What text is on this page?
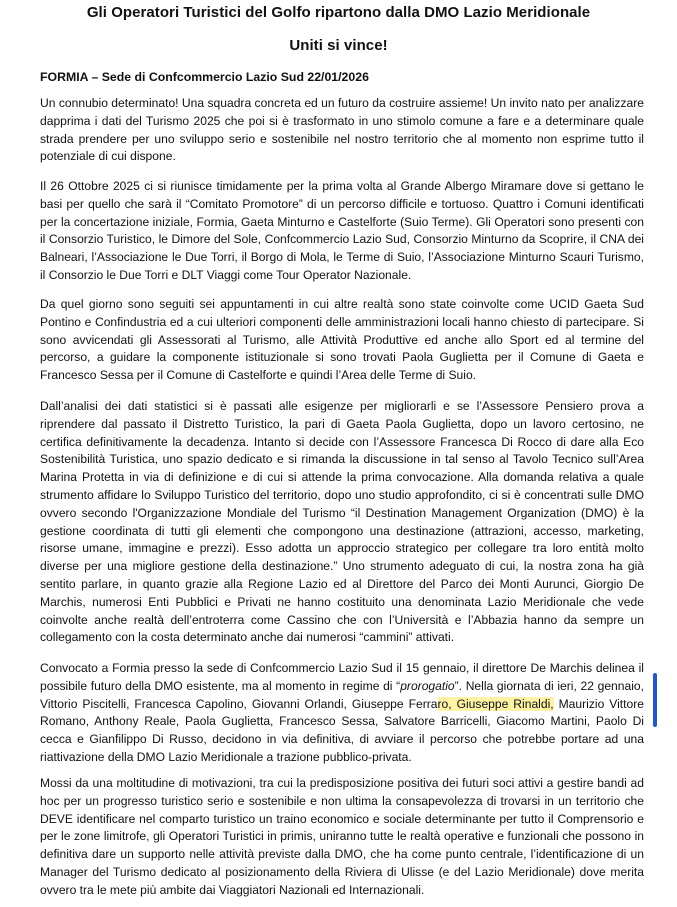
Gli Operatori Turistici del Golfo ripartono dalla DMO Lazio Meridionale
Uniti si vince!
FORMIA – Sede di Confcommercio Lazio Sud 22/01/2026
Un connubio determinato! Una squadra concreta ed un futuro da costruire assieme! Un invito nato per analizzare dapprima i dati del Turismo 2025 che poi si è trasformato in uno stimolo comune a fare e a determinare quale strada prendere per uno sviluppo serio e sostenibile nel nostro territorio che al momento non esprime tutto il potenziale di cui dispone.
Il 26 Ottobre 2025 ci si riunisce timidamente per la prima volta al Grande Albergo Miramare dove si gettano le basi per quello che sarà il “Comitato Promotore” di un percorso difficile e tortuoso. Quattro i Comuni identificati per la concertazione iniziale, Formia, Gaeta Minturno e Castelforte (Suio Terme). Gli Operatori sono presenti con il Consorzio Turistico, le Dimore del Sole, Confcommercio Lazio Sud, Consorzio Minturno da Scoprire, il CNA dei Balneari, l’Associazione le Due Torri, il Borgo di Mola, le Terme di Suio, l’Associazione Minturno Scauri Turismo, il Consorzio le Due Torri e DLT Viaggi come Tour Operator Nazionale.
Da quel giorno sono seguiti sei appuntamenti in cui altre realtà sono state coinvolte come UCID Gaeta Sud Pontino e Confindustria ed a cui ulteriori componenti delle amministrazioni locali hanno chiesto di partecipare. Si sono avvicendati gli Assessorati al Turismo, alle Attività Produttive ed anche allo Sport ed al termine del percorso, a guidare la componente istituzionale si sono trovati Paola Guglietta per il Comune di Gaeta e Francesco Sessa per il Comune di Castelforte e quindi l’Area delle Terme di Suio.
Dall’analisi dei dati statistici si è passati alle esigenze per migliorarli e se l’Assessore Pensiero prova a riprendere dal passato il Distretto Turistico, la pari di Gaeta Paola Guglietta, dopo un lavoro certosino, ne certifica definitivamente la decadenza. Intanto si decide con l’Assessore Francesca Di Rocco di dare alla Eco Sostenibilità Turistica, uno spazio dedicato e si rimanda la discussione in tal senso al Tavolo Tecnico sull’Area Marina Protetta in via di definizione e di cui si attende la prima convocazione. Alla domanda relativa a quale strumento affidare lo Sviluppo Turistico del territorio, dopo uno studio approfondito, ci si è concentrati sulle DMO ovvero secondo l'Organizzazione Mondiale del Turismo “il Destination Management Organization (DMO) è la gestione coordinata di tutti gli elementi che compongono una destinazione (attrazioni, accesso, marketing, risorse umane, immagine e prezzi). Esso adotta un approccio strategico per collegare tra loro entità molto diverse per una migliore gestione della destinazione.” Uno strumento adeguato di cui, la nostra zona ha già sentito parlare, in quanto grazie alla Regione Lazio ed al Direttore del Parco dei Monti Aurunci, Giorgio De Marchis, numerosi Enti Pubblici e Privati ne hanno costituito una denominata Lazio Meridionale che vede coinvolte anche realtà dell’entroterra come Cassino che con l’Università e l’Abbazia hanno da sempre un collegamento con la costa determinato anche dai numerosi “cammini” attivati.
Convocato a Formia presso la sede di Confcommercio Lazio Sud il 15 gennaio, il direttore De Marchis delinea il possibile futuro della DMO esistente, ma al momento in regime di “prorogatio”. Nella giornata di ieri, 22 gennaio, Vittorio Piscitelli, Francesca Capolino, Giovanni Orlandi, Giuseppe Ferraro, Giuseppe Rinaldi, Maurizio Vittore Romano, Anthony Reale, Paola Guglietta, Francesco Sessa, Salvatore Barricelli, Giacomo Martini, Paolo Di cecca e Gianfilippo Di Russo, decidono in via definitiva, di avviare il percorso che potrebbe portare ad una riattivazione della DMO Lazio Meridionale a trazione pubblico-privata.
Mossi da una moltitudine di motivazioni, tra cui la predisposizione positiva dei futuri soci attivi a gestire bandi ad hoc per un progresso turistico serio e sostenibile e non ultima la consapevolezza di trovarsi in un territorio che DEVE identificare nel comparto turistico un traino economico e sociale determinante per tutto il Comprensorio e per le zone limitrofe, gli Operatori Turistici in primis, uniranno tutte le realtà operative e funzionali che possono in definitiva dare un supporto nelle attività previste dalla DMO, che ha come punto centrale, l’identificazione di un Manager del Turismo dedicato al posizionamento della Riviera di Ulisse (e del Lazio Meridionale) dove merita ovvero tra le mete più ambite dai Viaggiatori Nazionali ed Internazionali.
